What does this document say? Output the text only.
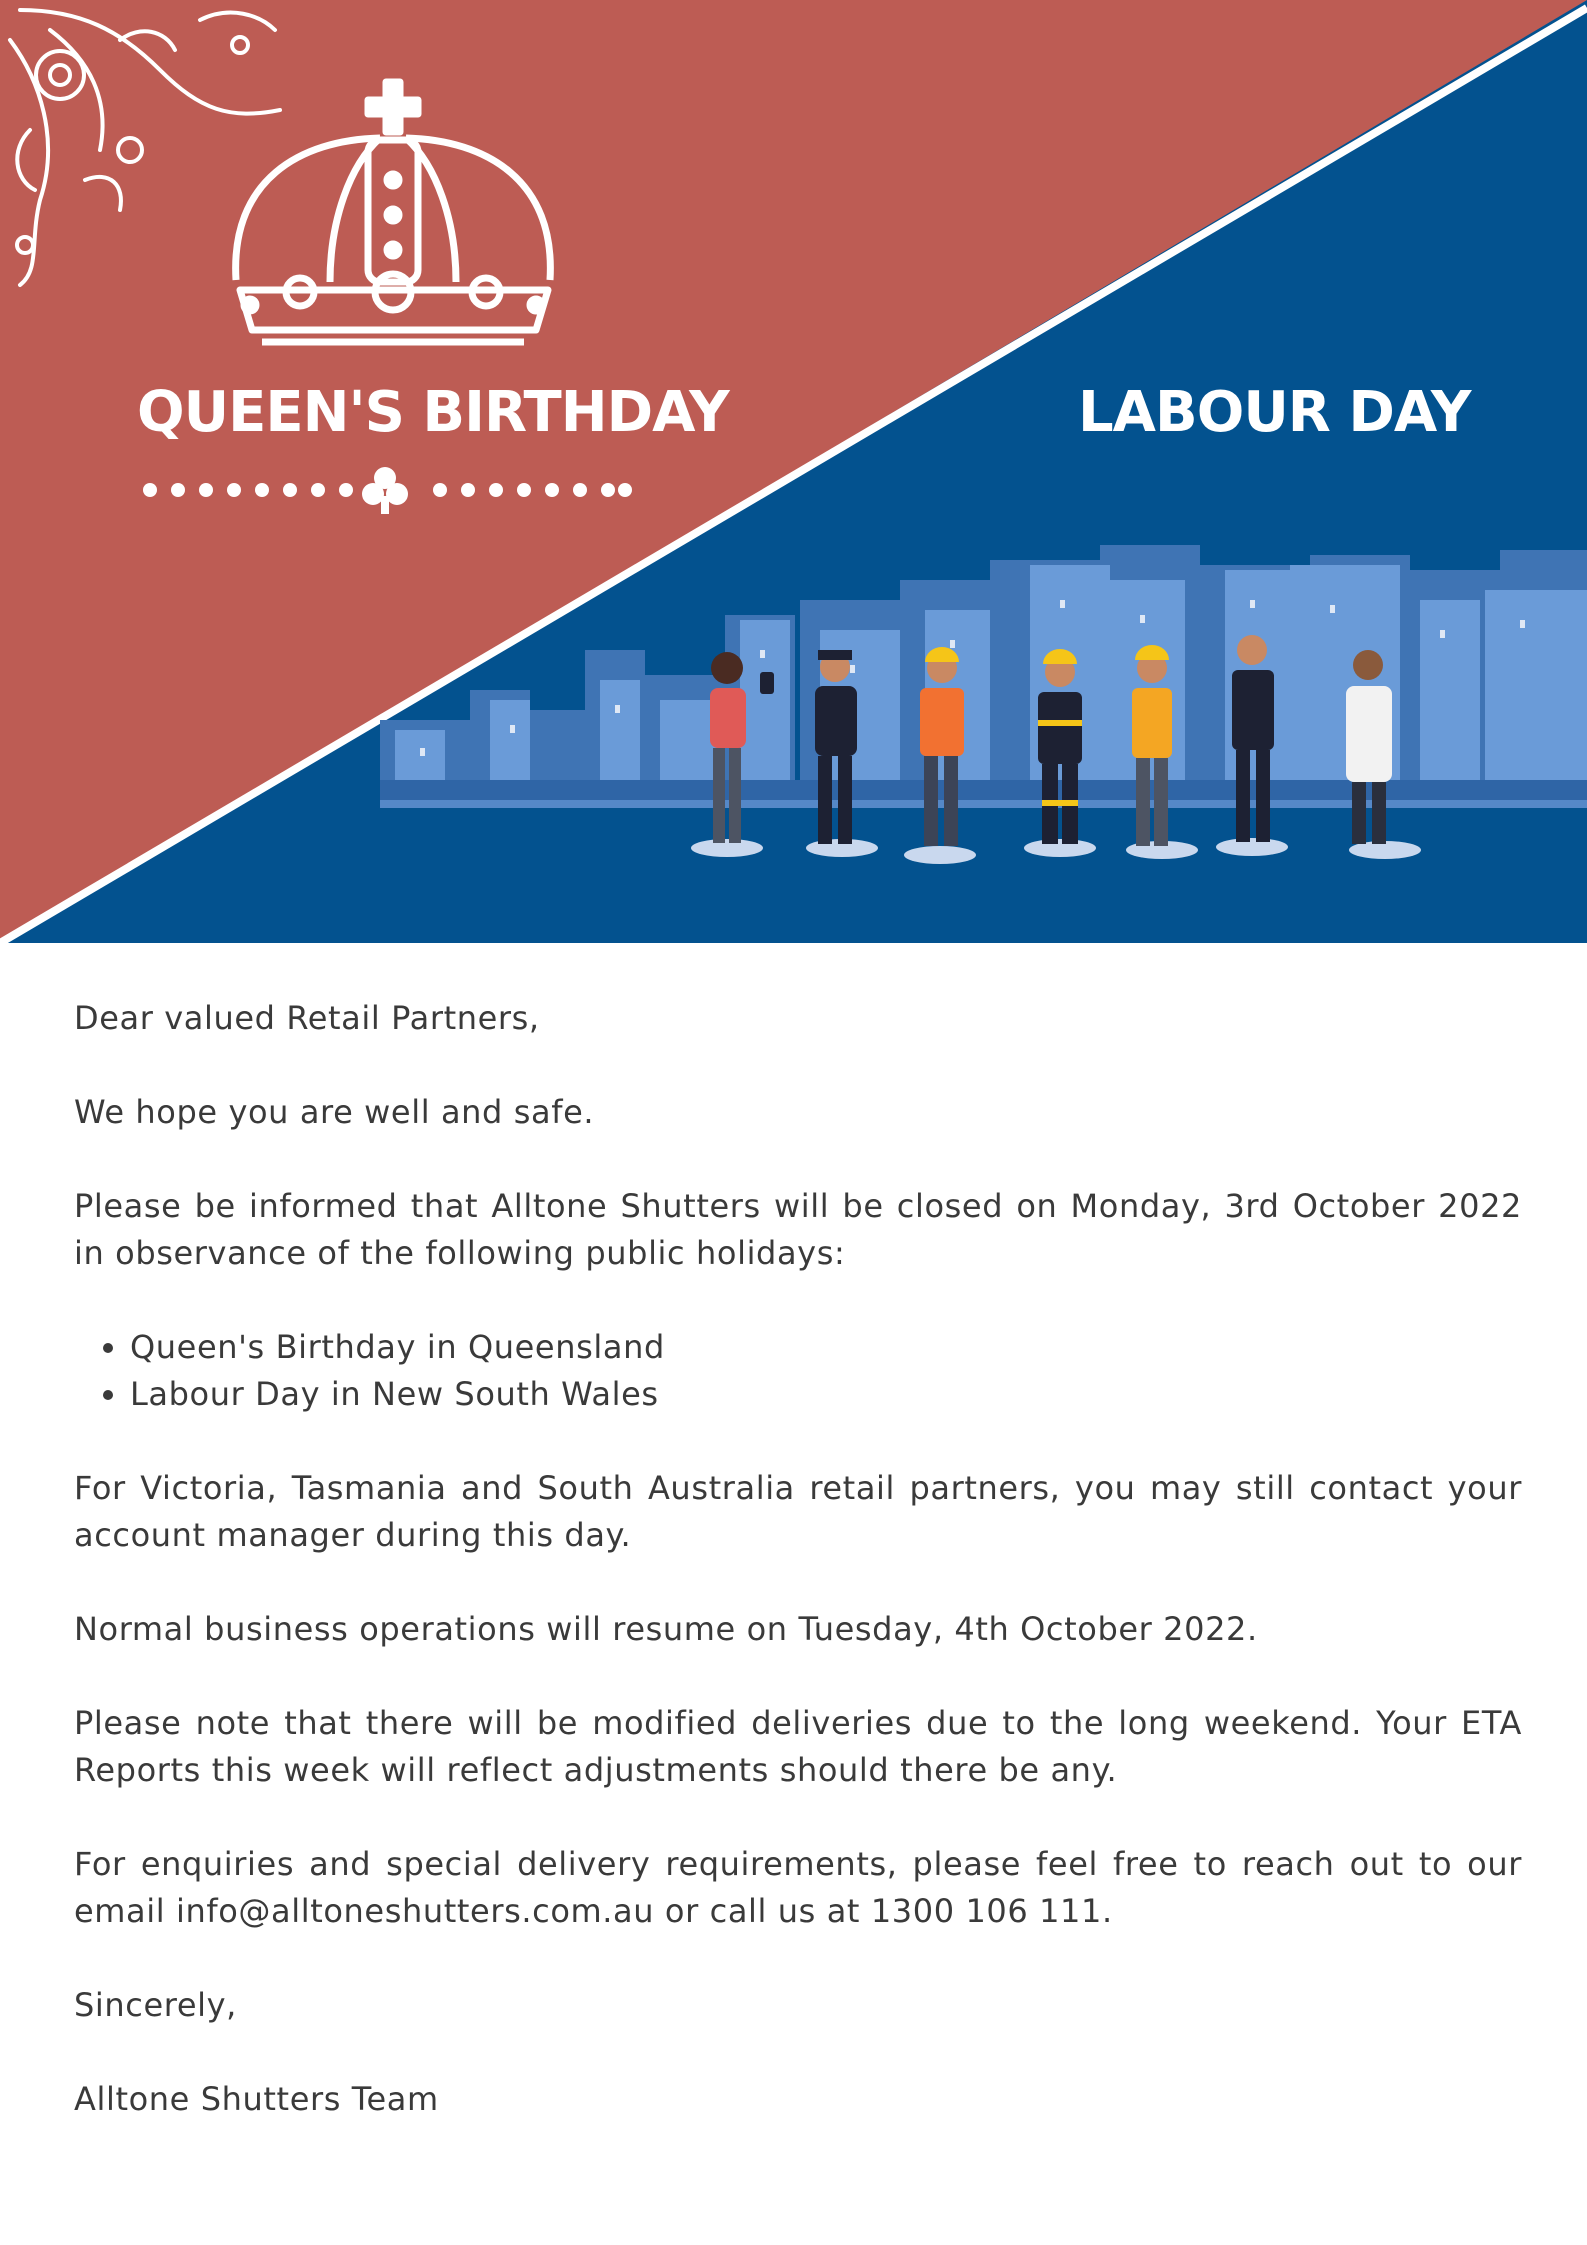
QUEEN'S BIRTHDAY	LABOUR DAY

Dear valued Retail Partners,

We hope you are well and safe.

Please be informed that Alltone Shutters will be closed on Monday, 3rd October 2022 in observance of the following public holidays:

• Queen's Birthday in Queensland
• Labour Day in New South Wales

For Victoria, Tasmania and South Australia retail partners, you may still contact your account manager during this day.

Normal business operations will resume on Tuesday, 4th October 2022.

Please note that there will be modified deliveries due to the long weekend. Your ETA Reports this week will reflect adjustments should there be any.

For enquiries and special delivery requirements, please feel free to reach out to our email info@alltoneshutters.com.au or call us at 1300 106 111.

Sincerely,

Alltone Shutters Team
